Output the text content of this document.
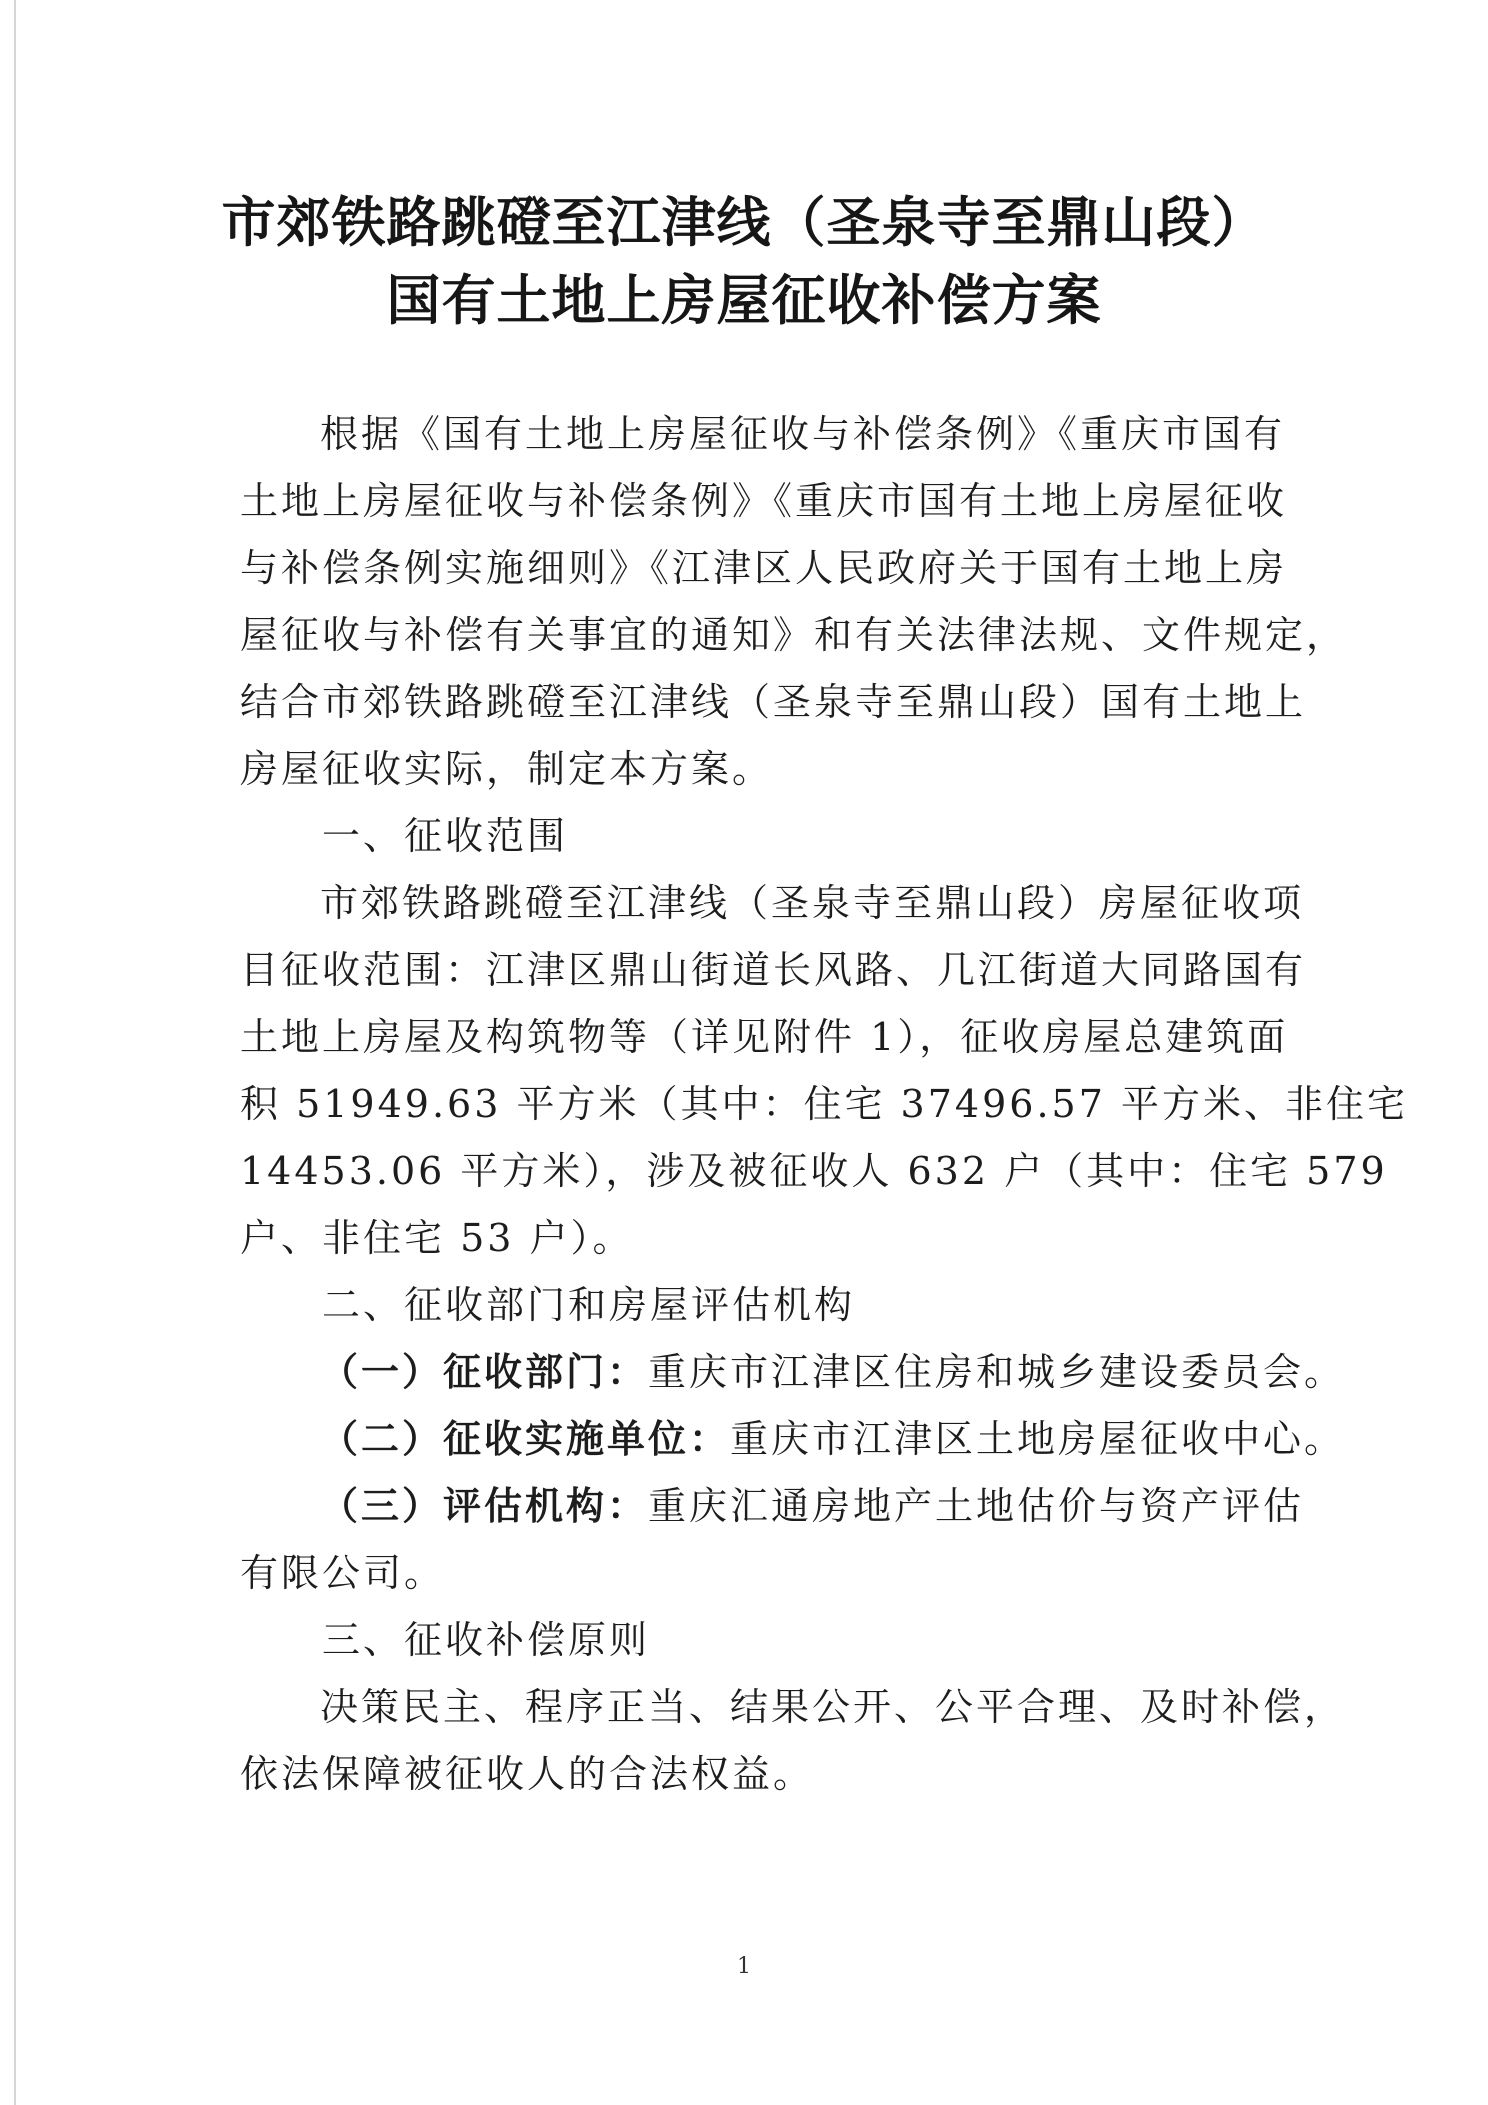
市郊铁路跳磴至江津线（圣泉寺至鼎山段）
国有土地上房屋征收补偿方案
根据《国有土地上房屋征收与补偿条例》《重庆市国有
土地上房屋征收与补偿条例》《重庆市国有土地上房屋征收
与补偿条例实施细则》《江津区人民政府关于国有土地上房
屋征收与补偿有关事宜的通知》和有关法律法规、文件规定，
结合市郊铁路跳磴至江津线（圣泉寺至鼎山段）国有土地上
房屋征收实际，制定本方案。
一、征收范围
市郊铁路跳磴至江津线（圣泉寺至鼎山段）房屋征收项
目征收范围：江津区鼎山街道长风路、几江街道大同路国有
土地上房屋及构筑物等（详见附件 1），征收房屋总建筑面
积 51949.63 平方米（其中：住宅 37496.57 平方米、非住宅
14453.06 平方米），涉及被征收人 632 户（其中：住宅 579
户、非住宅 53 户）。
二、征收部门和房屋评估机构
（一）征收部门：重庆市江津区住房和城乡建设委员会。
（二）征收实施单位：重庆市江津区土地房屋征收中心。
（三）评估机构：重庆汇通房地产土地估价与资产评估
有限公司。
三、征收补偿原则
决策民主、程序正当、结果公开、公平合理、及时补偿，
依法保障被征收人的合法权益。
1
